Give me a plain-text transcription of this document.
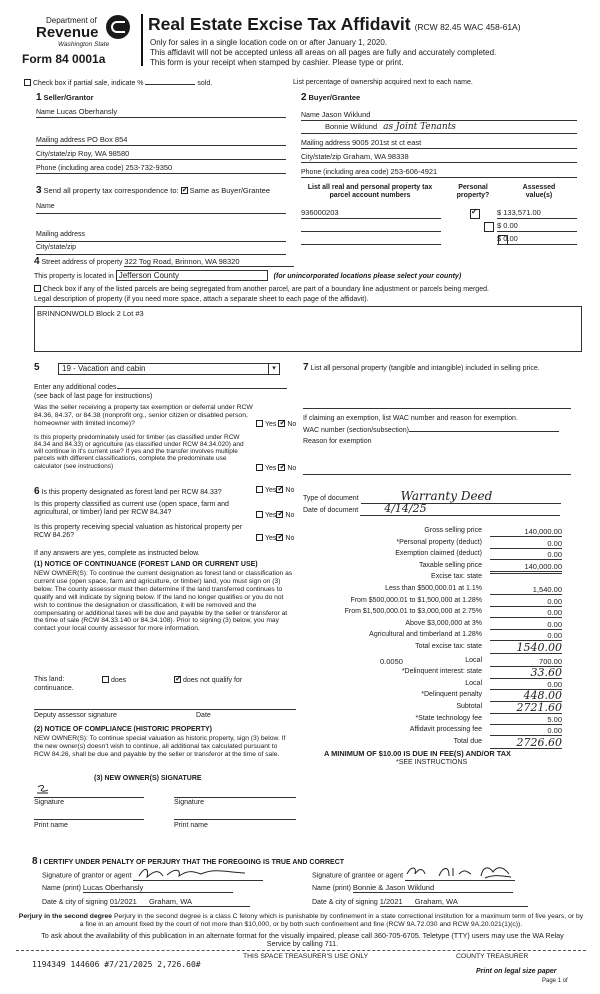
Department of
Revenue
Washington State
Form 84 0001a
Real Estate Excise Tax Affidavit (RCW 82.45 WAC 458-61A)
Only for sales in a single location code on or after January 1, 2020.
This affidavit will not be accepted unless all areas on all pages are fully and accurately completed.
This form is your receipt when stamped by cashier. Please type or print.
Check box if partial sale, indicate %	sold.	List percentage of ownership acquired next to each name.
1 Seller/Grantor
Name Lucas Oberhansly
Mailing address PO Box 854
City/state/zip Roy, WA 98580
Phone (including area code) 253-732-9350
2 Buyer/Grantee
Name Jason Wiklund
Bonnie Wiklund as Joint Tenants
Mailing address 9005 201st st ct east
City/state/zip Graham, WA 98338
Phone (including area code) 253-606-4921
3 Send all property tax correspondence to: ✓ Same as Buyer/Grantee
Name
Mailing address
City/state/zip
List all real and personal property tax parcel account numbers
Personal property?
Assessed value(s)
936000203 ✓	$ 133,571.00

$ 0.00
$ 0.00
4 Street address of property 322 Tog Road, Brinnon, WA 98320
This property is located in Jefferson County	(for unincorporated locations please select your county)
Check box if any of the listed parcels are being segregated from another parcel, are part of a boundary line adjustment or parcels being merged.
Legal description of property (if you need more space, attach a separate sheet to each page of the affidavit).
BRINNONWOLD Block 2 Lot #3
5	19 - Vacation and cabin	▾
Enter any additional codes
(see back of last page for instructions)
Was the seller receiving a property tax exemption or deferral under RCW 84.36, 84.37, or 84.38 (nonprofit org., senior citizen or disabled person, homeowner with limited income)?	Yes ✓ No
Is this property predominately used for timber (as classified under RCW 84.34 and 84.33) or agriculture (as classified under RCW 84.34.020) and will continue in it's current use? If yes and the transfer involves multiple parcels with different classifications, complete the predominate use calculator (see instructions)	Yes ✓ No
6 Is this property designated as forest land per RCW 84.33?	Yes ✓ No
Is this property classified as current use (open space, farm and agricultural, or timber) land per RCW 84.34?	Yes ✓ No
Is this property receiving special valuation as historical property per RCW 84.26?	Yes ✓ No
If any answers are yes, complete as instructed below.
(1) NOTICE OF CONTINUANCE (FOREST LAND OR CURRENT USE)
NEW OWNER(S): To continue the current designation as forest land or classification as current use (open space, farm and agriculture, or timber) land, you must sign on (3) below. The county assessor must then determine if the land transferred continues to qualify and will indicate by signing below. If the land no longer qualifies or you do not wish to continue the designation or classification, it will be removed and the compensating or additional taxes will be due and payable by the seller or transferor at the time of sale (RCW 84.33.140 or 84.34.108). Prior to signing (3) below, you may contact your local county assessor for more information.
This land:	does ✓	does not qualify for
continuance.
Deputy assessor signature	Date
(2) NOTICE OF COMPLIANCE (HISTORIC PROPERTY)
NEW OWNER(S): To continue special valuation as historic property, sign (3) below. If the new owner(s) doesn't wish to continue, all additional tax calculated pursuant to RCW 84.26, shall be due and payable by the seller or transferor at the time of sale.
(3) NEW OWNER(S) SIGNATURE
Signature	Signature
Print name	Print name
7 List all personal property (tangible and intangible) included in selling price.
If claiming an exemption, list WAC number and reason for exemption.
WAC number (section/subsection)
Reason for exemption
Type of document	Warranty Deed
Date of document 4/14/25
Gross selling price	140,000.00
*Personal property (deduct)	0.00
Exemption claimed (deduct)	0.00
Taxable selling price	140,000.00
Excise tax: state
Less than $500,000.01 at 1.1%	1,540.00
From $500,000.01 to $1,500,000 at 1.28%	0.00
From $1,500,000.01 to $3,000,000 at 2.75%	0.00
Above $3,000,000 at 3%	0.00
Agricultural and timberland at 1.28%	0.00
Total excise tax: state	1540.00
0.0050	Local	700.00
*Delinquent interest: state	33.60
Local	0.00
*Delinquent penalty	448.00
Subtotal	2721.60
*State technology fee	5.00
Affidavit processing fee	0.00
Total due	2726.60
A MINIMUM OF $10.00 IS DUE IN FEE(S) AND/OR TAX
*SEE INSTRUCTIONS
8 I CERTIFY UNDER PENALTY OF PERJURY THAT THE FOREGOING IS TRUE AND CORRECT
Signature of grantor or agent	Signature of grantee or agent
Name (print) Lucas Oberhansly	Name (print) Bonnie & Jason Wiklund
Date & city of signing 01/2021 Graham, WA	Date & city of signing 1/2021 Graham, WA
Perjury in the second degree Perjury in the second degree is a class C felony which is punishable by confinement in a state correctional institution for a maximum term of five years, or by a fine in an amount fixed by the court of not more than $10,000, or by both such confinement and fine (RCW 9A.72.030 and RCW 9A.20.021(1)(c)).
To ask about the availability of this publication in an alternate format for the visually impaired, please call 360-705-6705. Teletype (TTY) users may use the WA Relay Service by calling 711.
1194349 144606 #7/21/2025 2,726.60#
THIS SPACE TREASURER'S USE ONLY	COUNTY TREASURER
Print on legal size paper
Page 1 of
